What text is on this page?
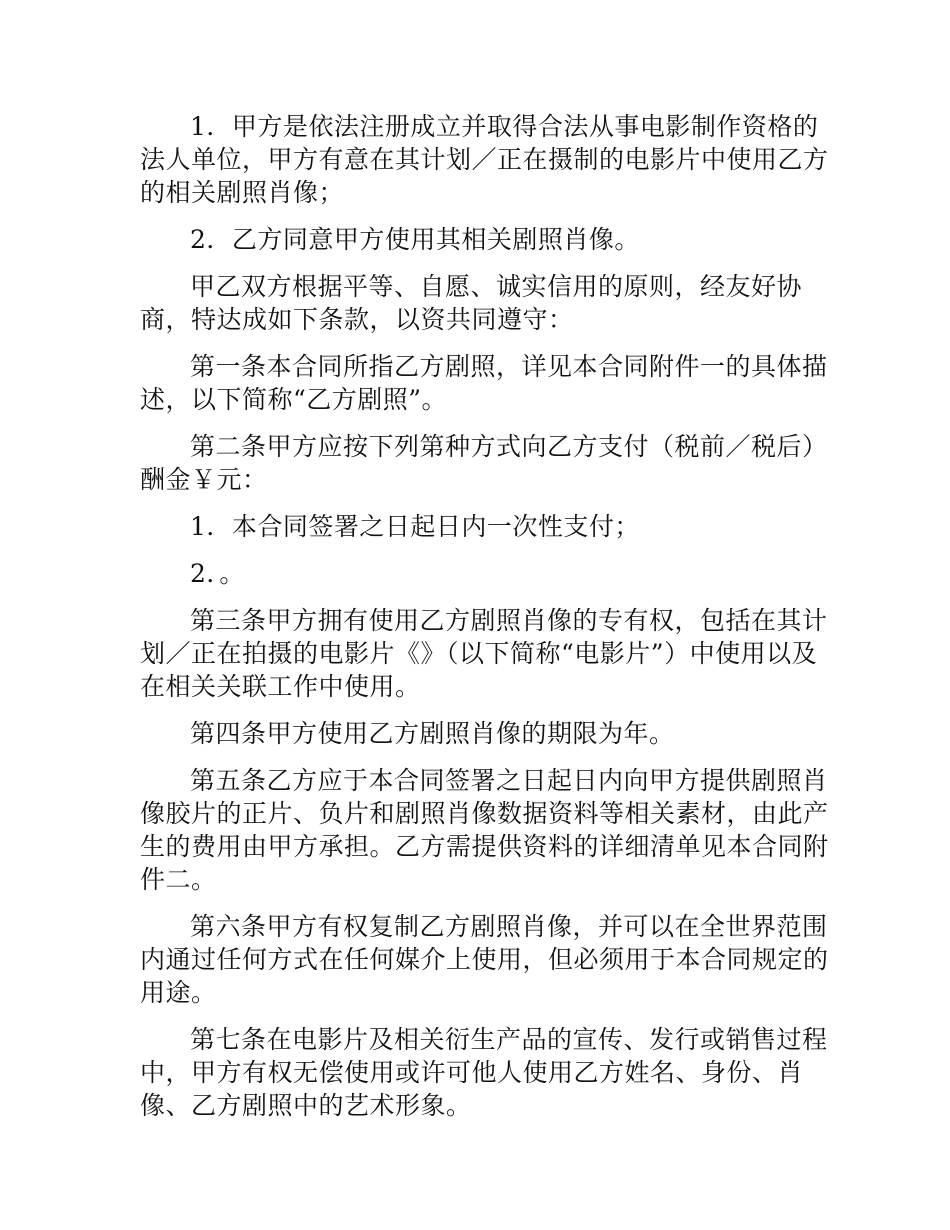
1．甲方是依法注册成立并取得合法从事电影制作资格的法人单位，甲方有意在其计划／正在摄制的电影片中使用乙方的相关剧照肖像；

2．乙方同意甲方使用其相关剧照肖像。

甲乙双方根据平等、自愿、诚实信用的原则，经友好协商，特达成如下条款，以资共同遵守：

第一条本合同所指乙方剧照，详见本合同附件一的具体描述，以下简称“乙方剧照”。

第二条甲方应按下列第种方式向乙方支付（税前／税后）酬金￥元：

1．本合同签署之日起日内一次性支付；

2．。

第三条甲方拥有使用乙方剧照肖像的专有权，包括在其计划／正在拍摄的电影片《》（以下简称“电影片”）中使用以及在相关关联工作中使用。

第四条甲方使用乙方剧照肖像的期限为年。

第五条乙方应于本合同签署之日起日内向甲方提供剧照肖像胶片的正片、负片和剧照肖像数据资料等相关素材，由此产生的费用由甲方承担。乙方需提供资料的详细清单见本合同附件二。

第六条甲方有权复制乙方剧照肖像，并可以在全世界范围内通过任何方式在任何媒介上使用，但必须用于本合同规定的用途。

第七条在电影片及相关衍生产品的宣传、发行或销售过程中，甲方有权无偿使用或许可他人使用乙方姓名、身份、肖像、乙方剧照中的艺术形象。
